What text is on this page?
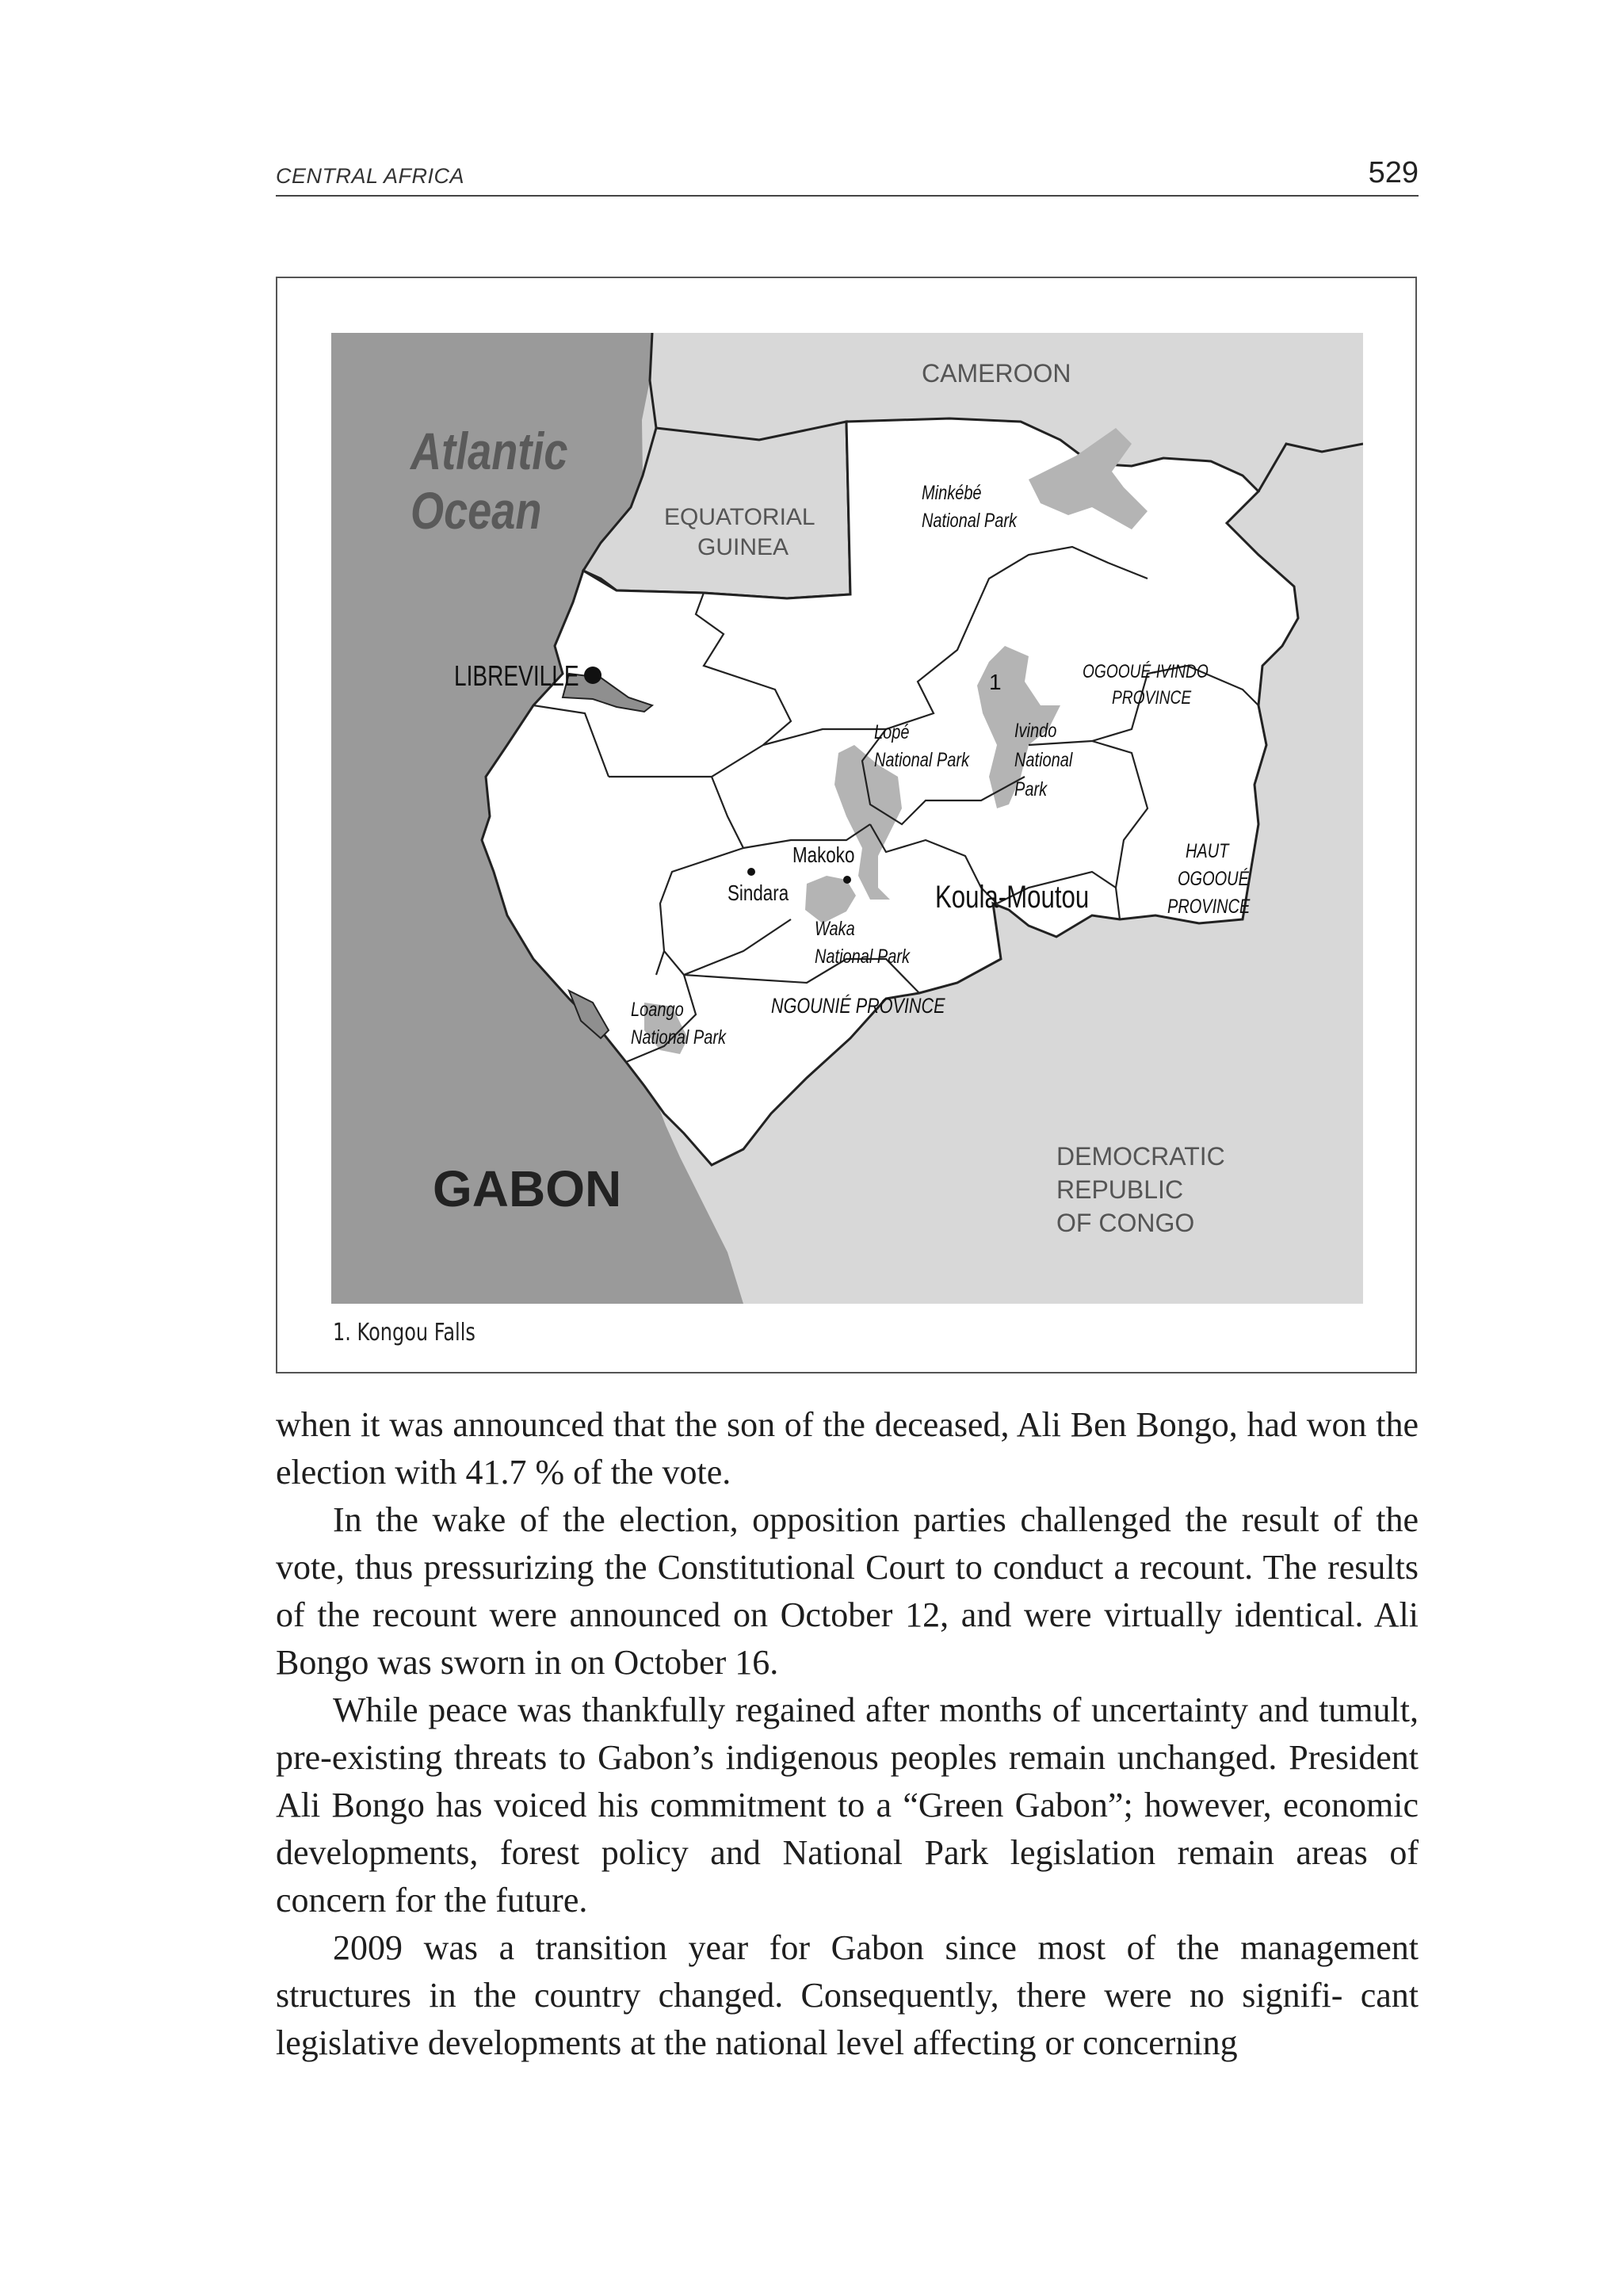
CENTRAL AFRICA	529
Atlantic
Ocean
CAMEROON
EQUATORIAL
GUINEA
DEMOCRATIC
REPUBLIC
OF CONGO
GABON
LIBREVILLE
Minkébé
National Park
OGOOUÉ-IVINDO
PROVINCE
1
Lopé
National Park
Ivindo
National
Park
HAUT
OGOOUÉ
PROVINCE
Makoko
Sindara
Waka
National Park
Koula-Moutou
NGOUNIÉ PROVINCE
Loango
National Park
1. Kongou Falls

when it was announced that the son of the deceased, Ali Ben Bongo, had won the election with 41.7 % of the vote.

In the wake of the election, opposition parties challenged the result of the vote, thus pressurizing the Constitutional Court to conduct a recount. The results of the recount were announced on October 12, and were virtually identical. Ali Bongo was sworn in on October 16.

While peace was thankfully regained after months of uncertainty and tumult, pre-existing threats to Gabon’s indigenous peoples remain unchanged. President Ali Bongo has voiced his commitment to a “Green Gabon”; however, economic developments, forest policy and National Park legislation remain areas of concern for the future.

2009 was a transition year for Gabon since most of the management structures in the country changed. Consequently, there were no signifi- cant legislative developments at the national level affecting or concerning
